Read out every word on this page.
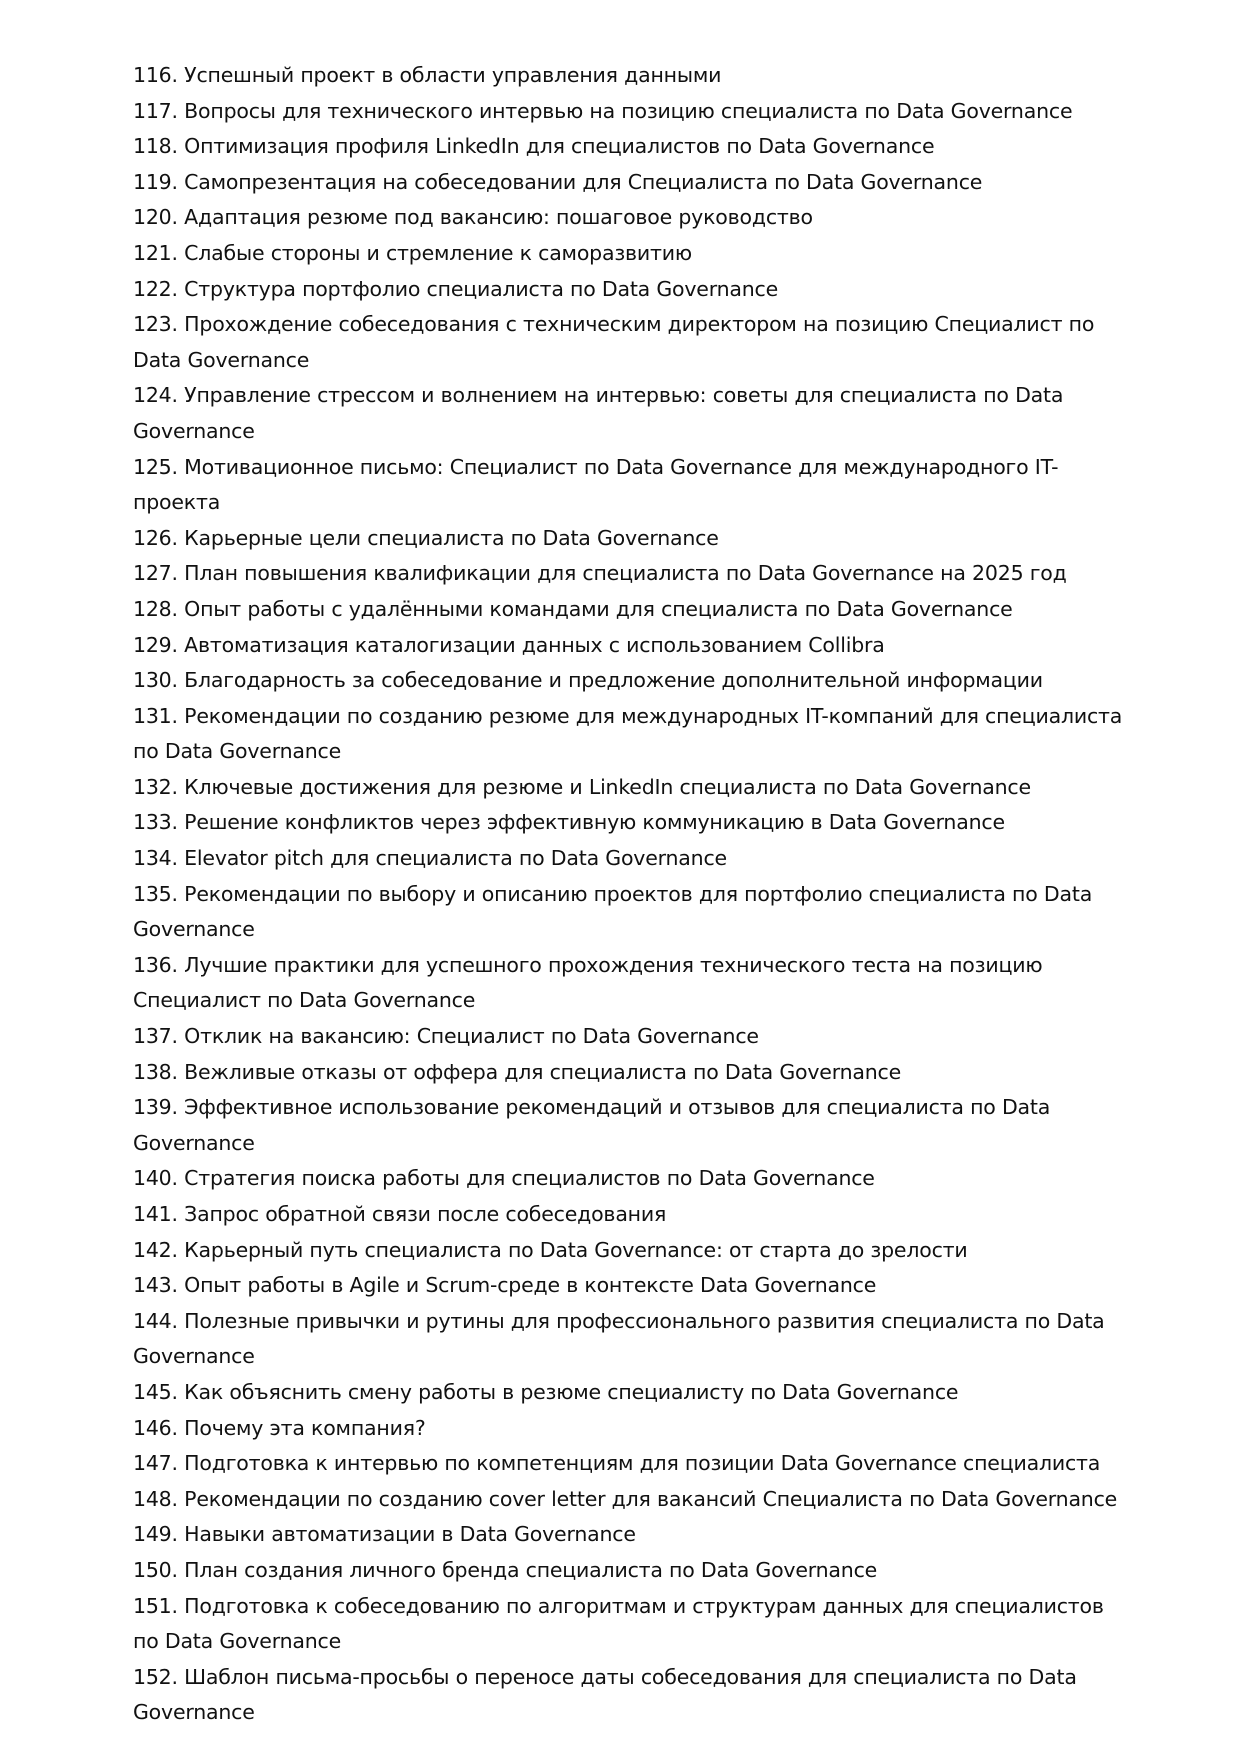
116. Успешный проект в области управления данными
117. Вопросы для технического интервью на позицию специалиста по Data Governance
118. Оптимизация профиля LinkedIn для специалистов по Data Governance
119. Самопрезентация на собеседовании для Специалиста по Data Governance
120. Адаптация резюме под вакансию: пошаговое руководство
121. Слабые стороны и стремление к саморазвитию
122. Структура портфолио специалиста по Data Governance
123. Прохождение собеседования с техническим директором на позицию Специалист по Data Governance
124. Управление стрессом и волнением на интервью: советы для специалиста по Data Governance
125. Мотивационное письмо: Специалист по Data Governance для международного IT-проекта
126. Карьерные цели специалиста по Data Governance
127. План повышения квалификации для специалиста по Data Governance на 2025 год
128. Опыт работы с удалёнными командами для специалиста по Data Governance
129. Автоматизация каталогизации данных с использованием Collibra
130. Благодарность за собеседование и предложение дополнительной информации
131. Рекомендации по созданию резюме для международных IT-компаний для специалиста по Data Governance
132. Ключевые достижения для резюме и LinkedIn специалиста по Data Governance
133. Решение конфликтов через эффективную коммуникацию в Data Governance
134. Elevator pitch для специалиста по Data Governance
135. Рекомендации по выбору и описанию проектов для портфолио специалиста по Data Governance
136. Лучшие практики для успешного прохождения технического теста на позицию Специалист по Data Governance
137. Отклик на вакансию: Специалист по Data Governance
138. Вежливые отказы от оффера для специалиста по Data Governance
139. Эффективное использование рекомендаций и отзывов для специалиста по Data Governance
140. Стратегия поиска работы для специалистов по Data Governance
141. Запрос обратной связи после собеседования
142. Карьерный путь специалиста по Data Governance: от старта до зрелости
143. Опыт работы в Agile и Scrum-среде в контексте Data Governance
144. Полезные привычки и рутины для профессионального развития специалиста по Data Governance
145. Как объяснить смену работы в резюме специалисту по Data Governance
146. Почему эта компания?
147. Подготовка к интервью по компетенциям для позиции Data Governance специалиста
148. Рекомендации по созданию cover letter для вакансий Специалиста по Data Governance
149. Навыки автоматизации в Data Governance
150. План создания личного бренда специалиста по Data Governance
151. Подготовка к собеседованию по алгоритмам и структурам данных для специалистов по Data Governance
152. Шаблон письма-просьбы о переносе даты собеседования для специалиста по Data Governance
